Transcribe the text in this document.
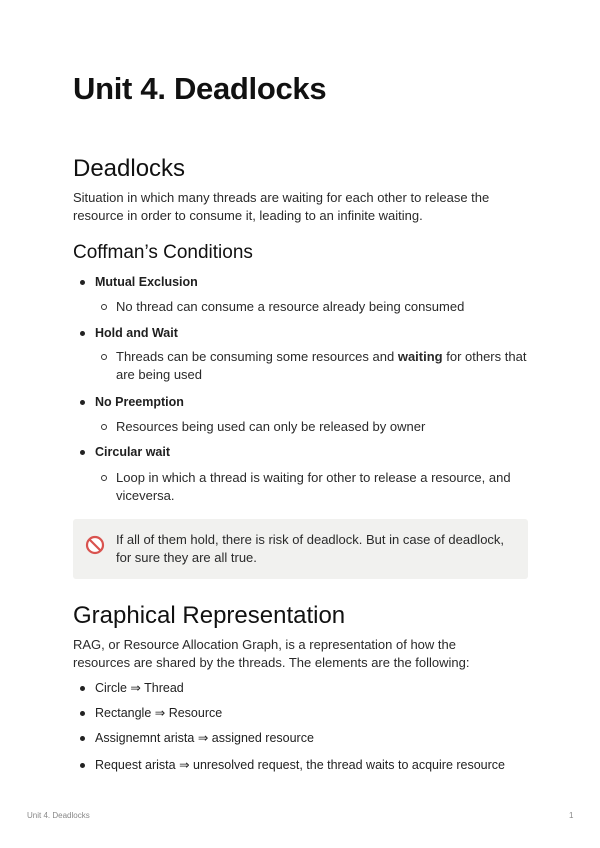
Unit 4. Deadlocks
Deadlocks

Situation in which many threads are waiting for each other to release the resource in order to consume it, leading to an infinite waiting.

Coffman’s Conditions
Mutual Exclusion
No thread can consume a resource already being consumed
Hold and Wait
Threads can be consuming some resources and waiting for others that are being used
No Preemption
Resources being used can only be released by owner
Circular wait
Loop in which a thread is waiting for other to release a resource, and viceversa.
If all of them hold, there is risk of deadlock. But in case of deadlock, for sure they are all true.
Graphical Representation

RAG, or Resource Allocation Graph, is a representation of how the resources are shared by the threads. The elements are the following:

Circle ⇒ Thread
Rectangle ⇒ Resource
Assignemnt arista ⇒ assigned resource
Request arista ⇒ unresolved request, the thread waits to acquire resource
Unit 4. Deadlocks	1
